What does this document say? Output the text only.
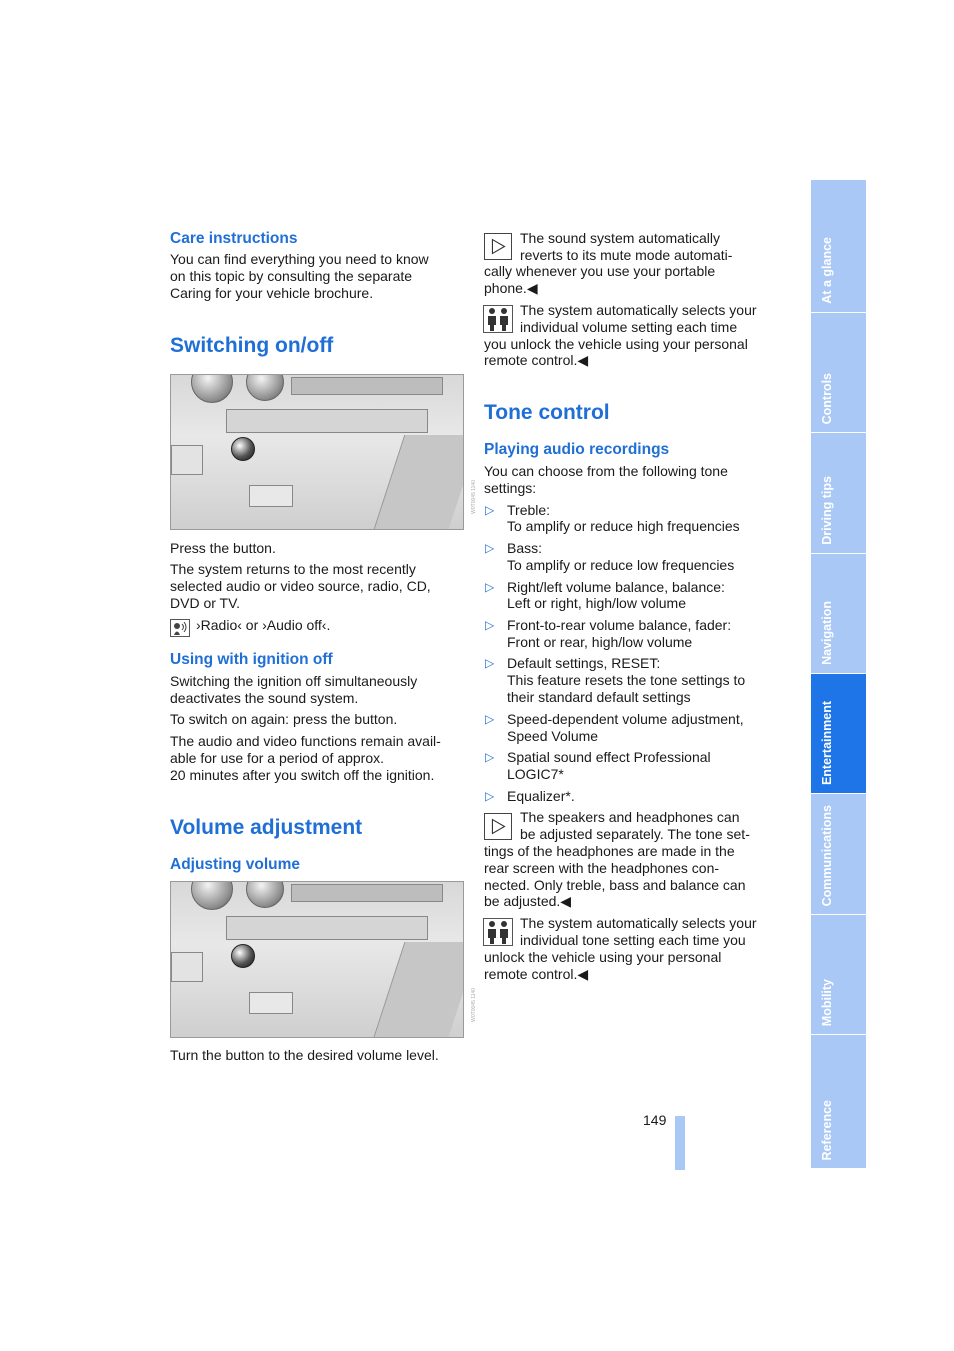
Care instructions
You can find everything you need to know
on this topic by consulting the separate
Caring for your vehicle brochure.
Switching on/off
W0T0045 1140
Press the button.
The system returns to the most recently
selected audio or video source, radio, CD,
DVD or TV.
›Radio‹ or ›Audio off‹.
Using with ignition off
Switching the ignition off simultaneously
deactivates the sound system.
To switch on again: press the button.
The audio and video functions remain avail-
able for use for a period of approx.
20 minutes after you switch off the ignition.
Volume adjustment
Adjusting volume
W0T0045 1140
Turn the button to the desired volume level.
The sound system automatically
reverts to its mute mode automati-
cally whenever you use your portable
phone.◀
The system automatically selects your
individual volume setting each time
you unlock the vehicle using your personal
remote control.◀
Tone control
Playing audio recordings
You can choose from the following tone
settings:
▷ Treble:
To amplify or reduce high frequencies
▷ Bass:
To amplify or reduce low frequencies
▷ Right/left volume balance, balance:
Left or right, high/low volume
▷ Front-to-rear volume balance, fader:
Front or rear, high/low volume
▷ Default settings, RESET:
This feature resets the tone settings to
their standard default settings
▷ Speed-dependent volume adjustment,
Speed Volume
▷ Spatial sound effect Professional
LOGIC7*
▷ Equalizer*.
The speakers and headphones can
be adjusted separately. The tone set-
tings of the headphones are made in the
rear screen with the headphones con-
nected. Only treble, bass and balance can
be adjusted.◀
The system automatically selects your
individual tone setting each time you
unlock the vehicle using your personal
remote control.◀
149
At a glance
Controls
Driving tips
Navigation
Entertainment
Communications
Mobility
Reference
